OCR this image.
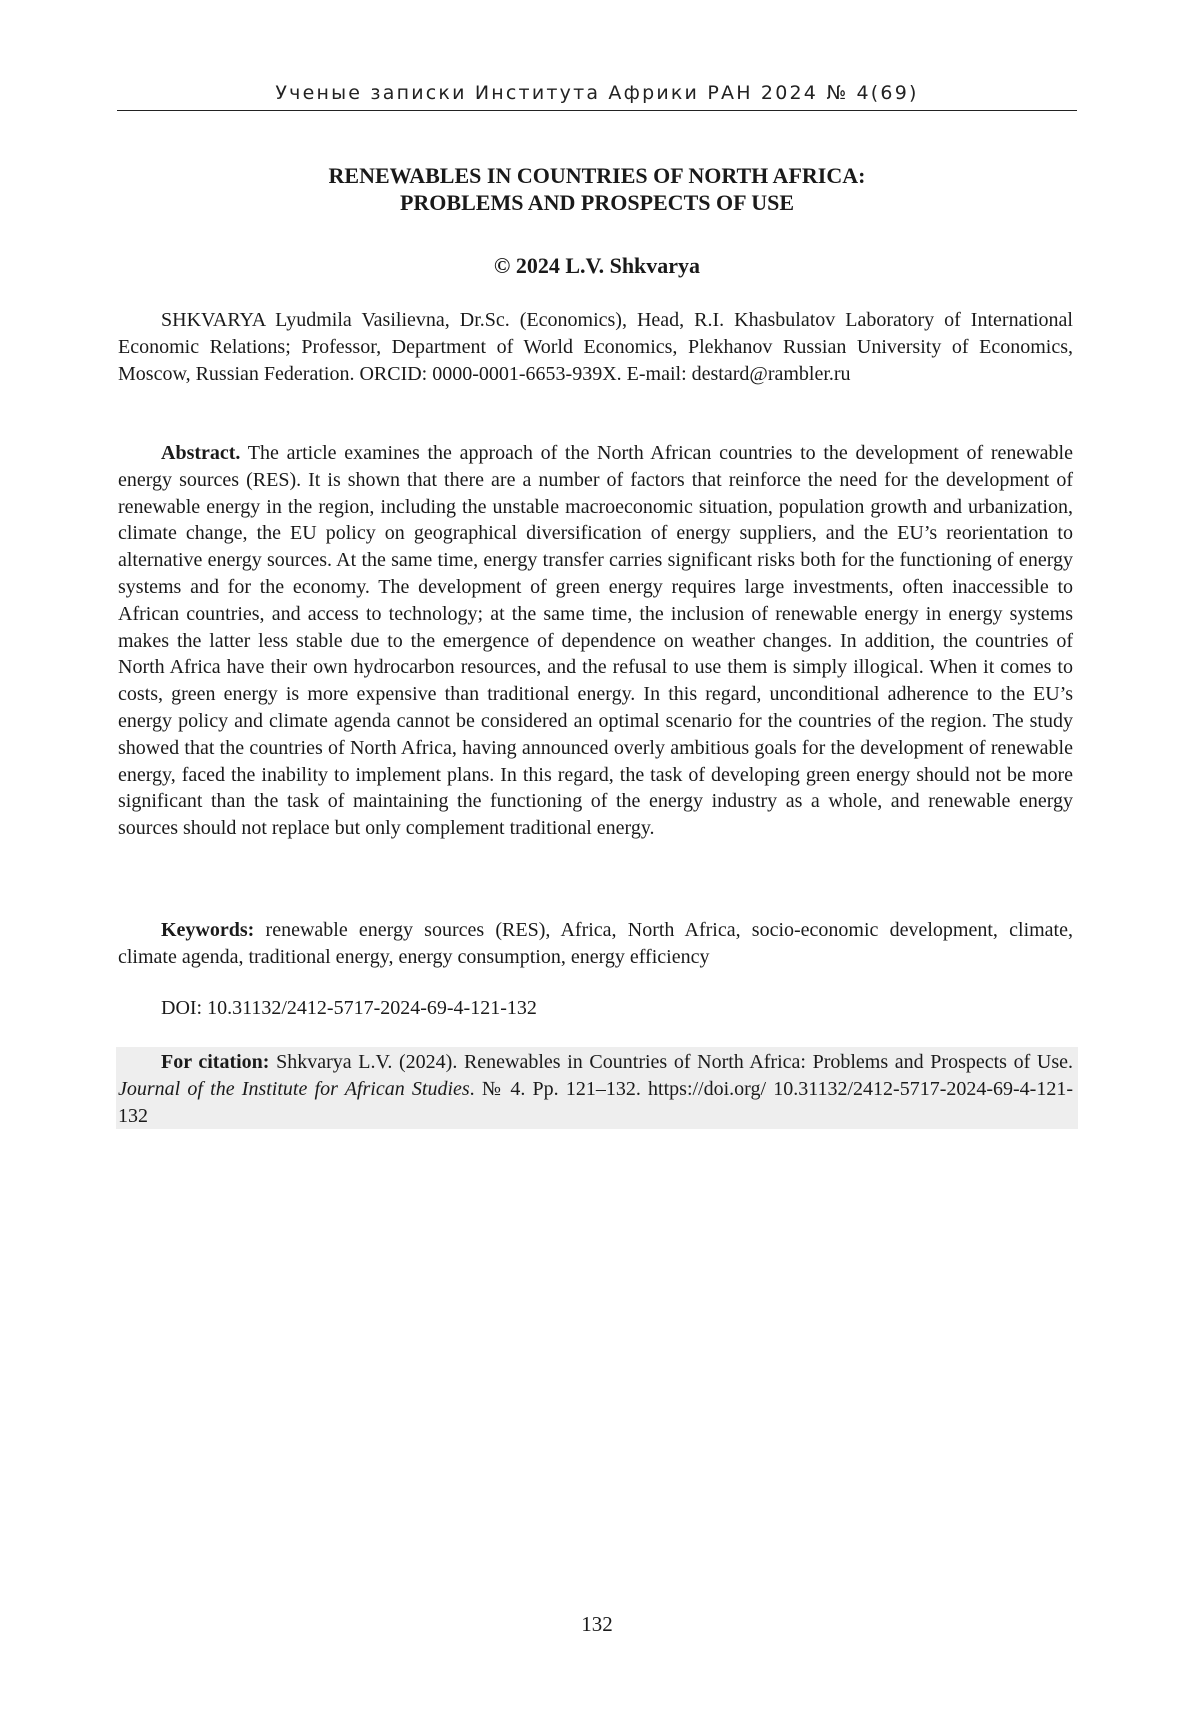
Ученые записки Института Африки РАН 2024 № 4(69)
RENEWABLES IN COUNTRIES OF NORTH AFRICA:
PROBLEMS AND PROSPECTS OF USE
© 2024 L.V. Shkvarya

SHKVARYA Lyudmila Vasilievna, Dr.Sc. (Economics), Head, R.I. Khasbulatov Laboratory of International Economic Relations; Professor, Department of World Economics, Plekhanov Russian University of Economics, Moscow, Russian Federation. ORCID: 0000-0001-6653-939X. E-mail: destard@rambler.ru

Abstract. The article examines the approach of the North African countries to the development of renewable energy sources (RES). It is shown that there are a number of factors that reinforce the need for the development of renewable energy in the region, including the unstable macroeconomic situation, population growth and urbanization, climate change, the EU policy on geographical diversification of energy suppliers, and the EU’s reorientation to alternative energy sources. At the same time, energy transfer carries significant risks both for the functioning of energy systems and for the economy. The development of green energy requires large investments, often inaccessible to African countries, and access to technology; at the same time, the inclusion of renewable energy in energy systems makes the latter less stable due to the emergence of dependence on weather changes. In addition, the countries of North Africa have their own hydrocarbon resources, and the refusal to use them is simply illogical. When it comes to costs, green energy is more expensive than traditional energy. In this regard, unconditional adherence to the EU’s energy policy and climate agenda cannot be considered an optimal scenario for the countries of the region. The study showed that the countries of North Africa, having announced overly ambitious goals for the development of renewable energy, faced the inability to implement plans. In this regard, the task of developing green energy should not be more significant than the task of maintaining the functioning of the energy industry as a whole, and renewable energy sources should not replace but only complement traditional energy.

Keywords: renewable energy sources (RES), Africa, North Africa, socio-economic development, climate, climate agenda, traditional energy, energy consumption, energy efficiency

DOI: 10.31132/2412-5717-2024-69-4-121-132

For citation: Shkvarya L.V. (2024). Renewables in Countries of North Africa: Problems and Prospects of Use. Journal of the Institute for African Studies. № 4. Pp. 121–132. https://doi.org/ 10.31132/2412-5717-2024-69-4-121-132

132
